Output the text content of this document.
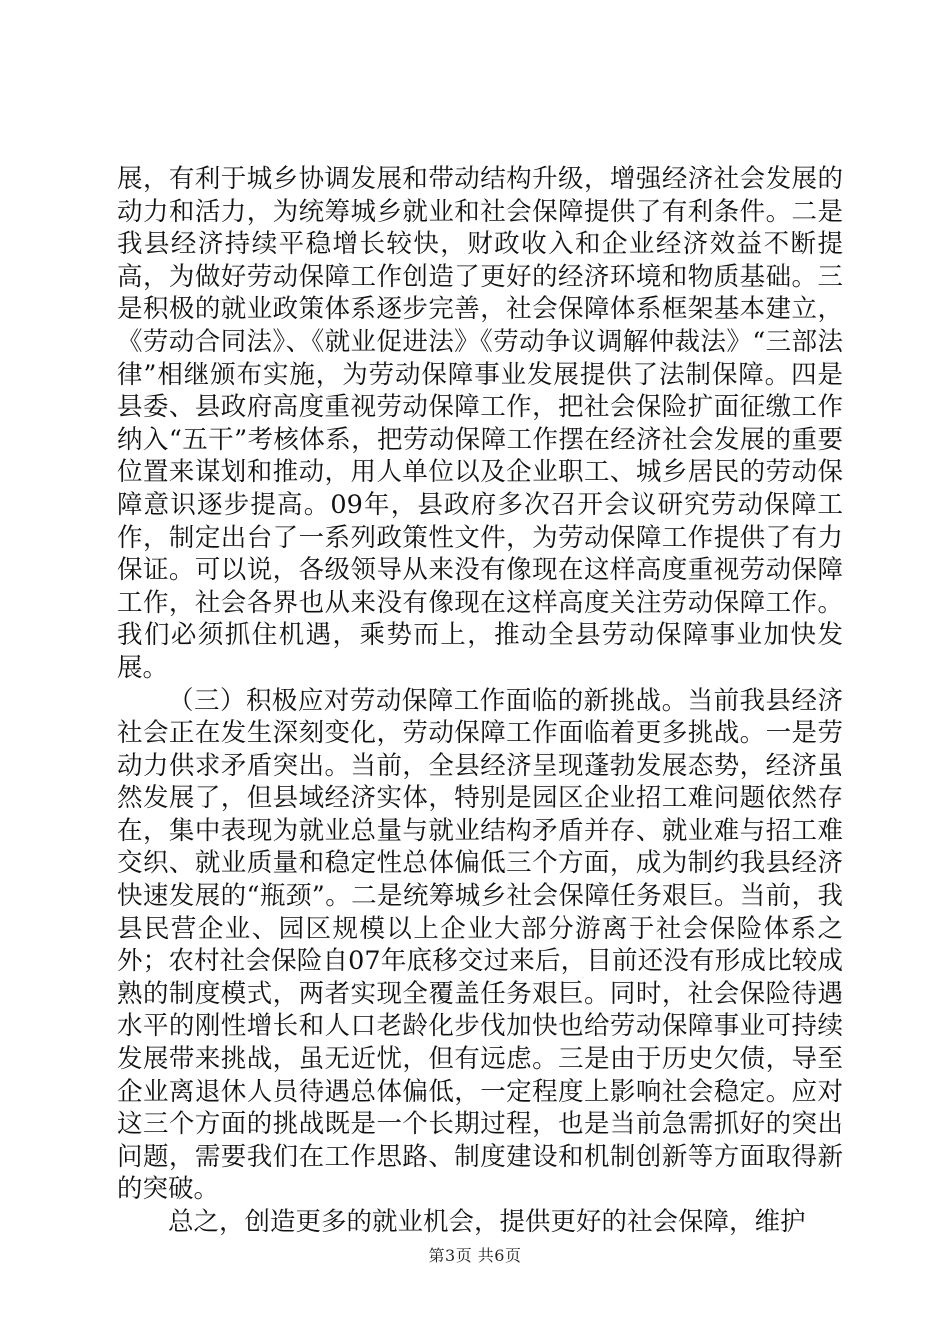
展，有利于城乡协调发展和带动结构升级，增强经济社会发展的动力和活力，为统筹城乡就业和社会保障提供了有利条件。二是我县经济持续平稳增长较快，财政收入和企业经济效益不断提高，为做好劳动保障工作创造了更好的经济环境和物质基础。三是积极的就业政策体系逐步完善，社会保障体系框架基本建立，《劳动合同法》、《就业促进法》《劳动争议调解仲裁法》“三部法律”相继颁布实施，为劳动保障事业发展提供了法制保障。四是县委、县政府高度重视劳动保障工作，把社会保险扩面征缴工作纳入“五干”考核体系，把劳动保障工作摆在经济社会发展的重要位置来谋划和推动，用人单位以及企业职工、城乡居民的劳动保障意识逐步提高。09年，县政府多次召开会议研究劳动保障工作，制定出台了一系列政策性文件，为劳动保障工作提供了有力保证。可以说，各级领导从来没有像现在这样高度重视劳动保障工作，社会各界也从来没有像现在这样高度关注劳动保障工作。我们必须抓住机遇，乘势而上，推动全县劳动保障事业加快发展。

（三）积极应对劳动保障工作面临的新挑战。当前我县经济社会正在发生深刻变化，劳动保障工作面临着更多挑战。一是劳动力供求矛盾突出。当前，全县经济呈现蓬勃发展态势，经济虽然发展了，但县域经济实体，特别是园区企业招工难问题依然存在，集中表现为就业总量与就业结构矛盾并存、就业难与招工难交织、就业质量和稳定性总体偏低三个方面，成为制约我县经济快速发展的“瓶颈”。二是统筹城乡社会保障任务艰巨。当前，我县民营企业、园区规模以上企业大部分游离于社会保险体系之外；农村社会保险自07年底移交过来后，目前还没有形成比较成熟的制度模式，两者实现全覆盖任务艰巨。同时，社会保险待遇水平的刚性增长和人口老龄化步伐加快也给劳动保障事业可持续发展带来挑战，虽无近忧，但有远虑。三是由于历史欠债，导至企业离退休人员待遇总体偏低，一定程度上影响社会稳定。应对这三个方面的挑战既是一个长期过程，也是当前急需抓好的突出问题，需要我们在工作思路、制度建设和机制创新等方面取得新的突破。

总之，创造更多的就业机会，提供更好的社会保障，维护

第3页 共6页
